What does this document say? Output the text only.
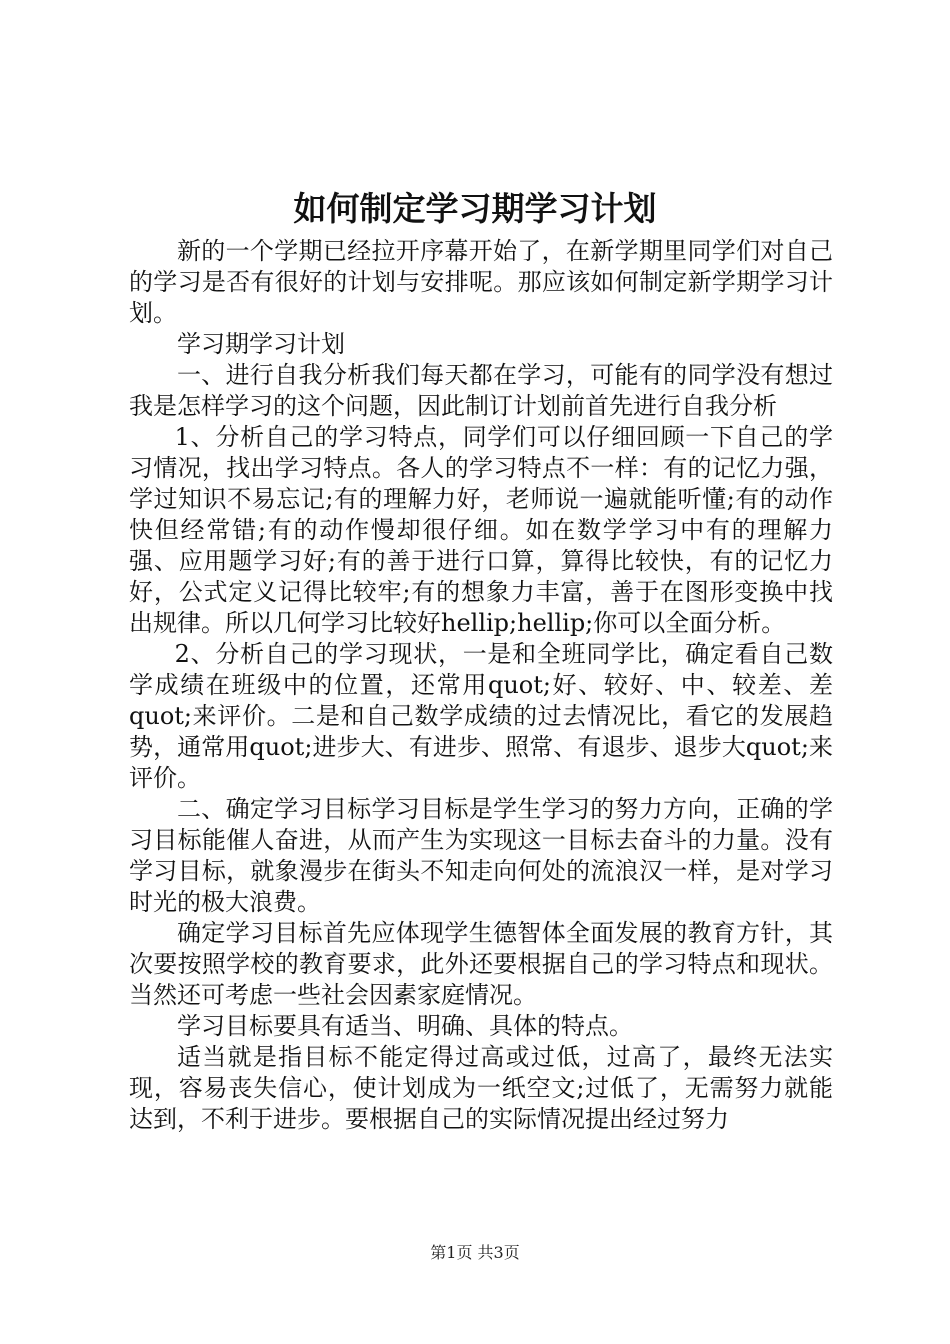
如何制定学习期学习计划

新的一个学期已经拉开序幕开始了，在新学期里同学们对自己的学习是否有很好的计划与安排呢。那应该如何制定新学期学习计划。

学习期学习计划

一、进行自我分析我们每天都在学习，可能有的同学没有想过我是怎样学习的这个问题，因此制订计划前首先进行自我分析

1、分析自己的学习特点，同学们可以仔细回顾一下自己的学习情况，找出学习特点。各人的学习特点不一样：有的记忆力强，学过知识不易忘记;有的理解力好，老师说一遍就能听懂;有的动作快但经常错;有的动作慢却很仔细。如在数学学习中有的理解力强、应用题学习好;有的善于进行口算，算得比较快，有的记忆力好，公式定义记得比较牢;有的想象力丰富，善于在图形变换中找出规律。所以几何学习比较好hellip;hellip;你可以全面分析。

2、分析自己的学习现状，一是和全班同学比，确定看自己数学成绩在班级中的位置，还常用quot;好、较好、中、较差、差quot;来评价。二是和自己数学成绩的过去情况比，看它的发展趋势，通常用quot;进步大、有进步、照常、有退步、退步大quot;来评价。

二、确定学习目标学习目标是学生学习的努力方向，正确的学习目标能催人奋进，从而产生为实现这一目标去奋斗的力量。没有学习目标，就象漫步在街头不知走向何处的流浪汉一样，是对学习时光的极大浪费。

确定学习目标首先应体现学生德智体全面发展的教育方针，其次要按照学校的教育要求，此外还要根据自己的学习特点和现状。当然还可考虑一些社会因素家庭情况。

学习目标要具有适当、明确、具体的特点。

适当就是指目标不能定得过高或过低，过高了，最终无法实现，容易丧失信心，使计划成为一纸空文;过低了，无需努力就能达到，不利于进步。要根据自己的实际情况提出经过努力

第1页 共3页
